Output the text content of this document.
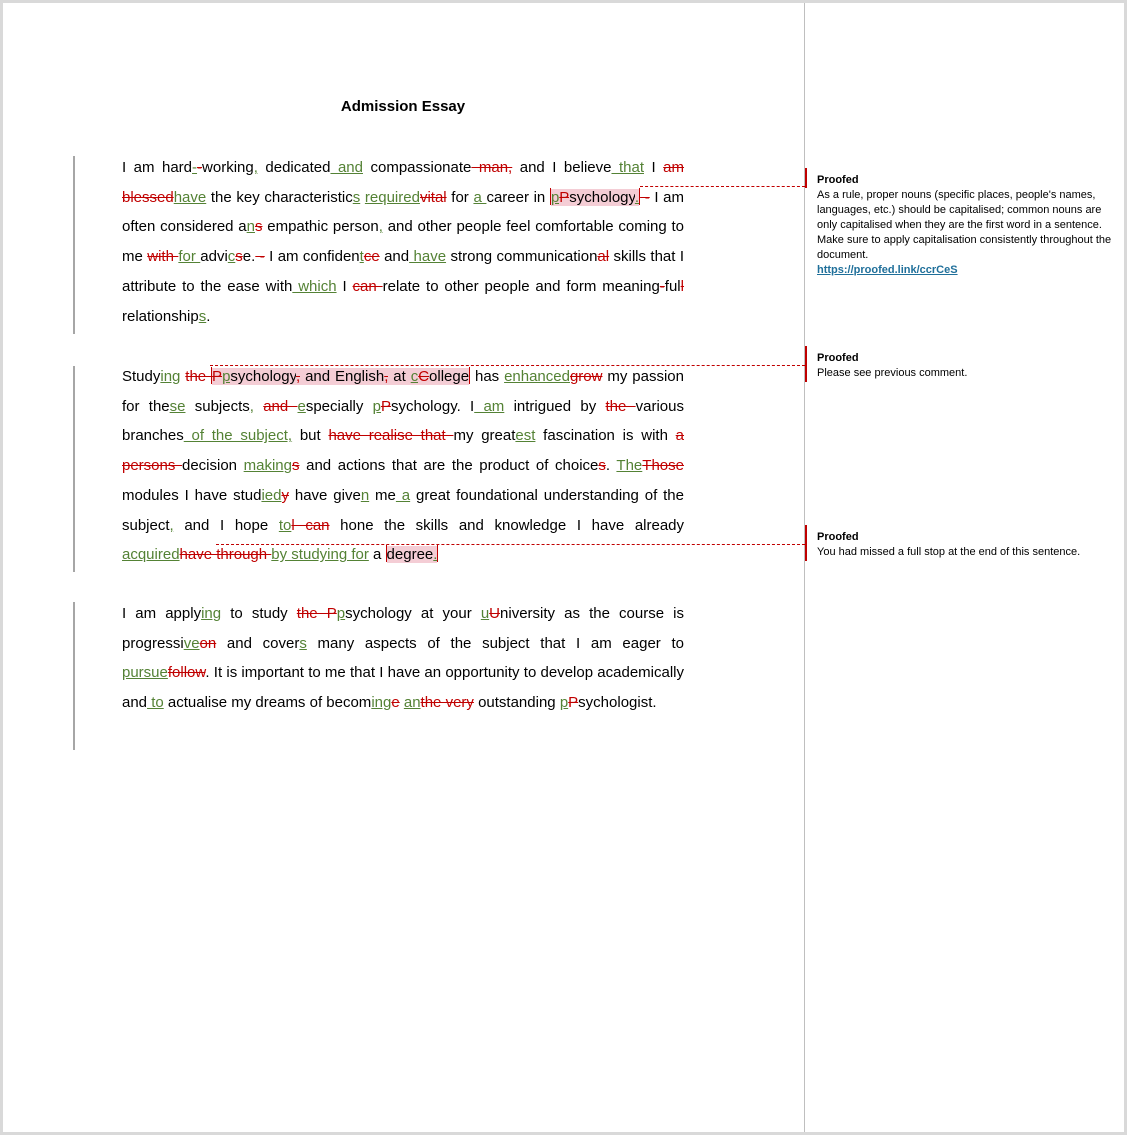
Admission Essay
I am hard--working, dedicated and compassionate man, and I believe that I am blessedhave the key characteristics requiredvital for a career in pPsychology. - I am often considered ans empathic person, and other people feel comfortable coming to me with for advicse. - I am confidentce and have strong communicational skills that I attribute to the ease with which I can relate to other people and form meaning-full relationships.
Studying the Ppsychology, and English, at cCollege has enhancedgrow my passion for these subjects, and especially pPsychology. I am intrigued by the various branches of the subject, but have realise that my greatest fascination is with a persons decision makings and actions that are the product of choices. TheThose modules I have studiedy have given me a great foundational understanding of the subject, and I hope tol can hone the skills and knowledge I have already acquiredhave through by studying for a degree.
I am applying to study the Ppsychology at your uUniversity as the course is progressiveon and covers many aspects of the subject that I am eager to pursuefollow. It is important to me that I have an opportunity to develop academically and to actualise my dreams of becominge anthe very outstanding pPsychologist.
Proofed
As a rule, proper nouns (specific places, people's names, languages, etc.) should be capitalised; common nouns are only capitalised when they are the first word in a sentence. Make sure to apply capitalisation consistently throughout the document.
https://proofed.link/ccrCeS
Proofed
Please see previous comment.
Proofed
You had missed a full stop at the end of this sentence.
